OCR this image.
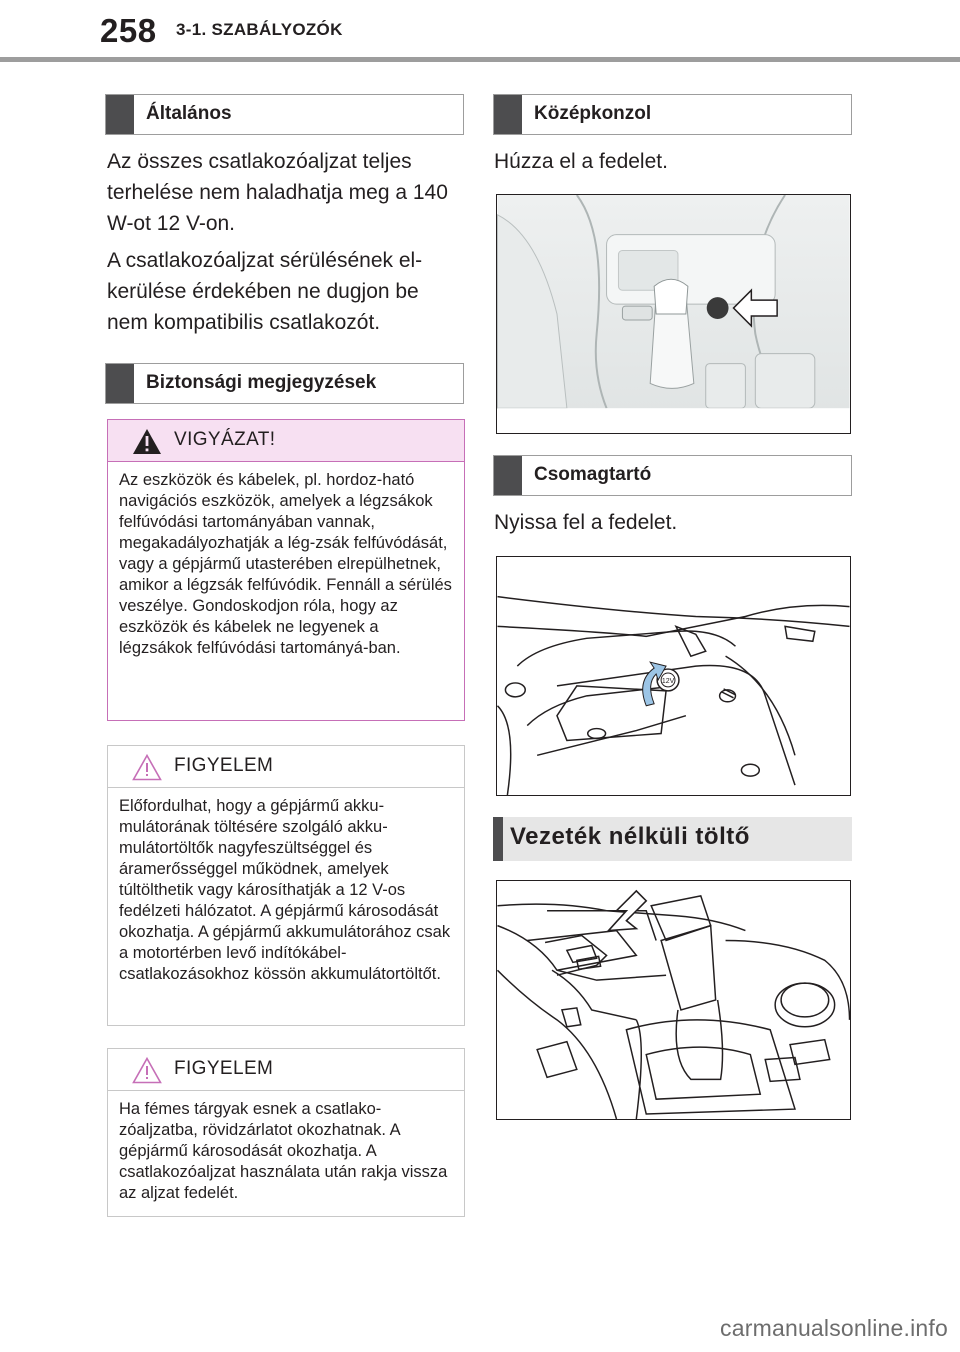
258 3-1. SZABÁLYOZÓK
Általános

Az összes csatlakozóaljzat teljes terhelése nem haladhatja meg a 140 W-ot 12 V-on.

A csatlakozóaljzat sérülésének el-kerülése érdekében ne dugjon be nem kompatibilis csatlakozót.

Biztonsági megjegyzések
VIGYÁZAT!
Az eszközök és kábelek, pl. hordoz-ható navigációs eszközök, amelyek a légzsákok felfúvódási tartományában vannak, megakadályozhatják a lég-zsák felfúvódását, vagy a gépjármű utasterében elrepülhetnek, amikor a légzsák felfúvódik. Fennáll a sérülés veszélye. Gondoskodjon róla, hogy az eszközök és kábelek ne legyenek a légzsákok felfúvódási tartományá-ban.
FIGYELEM
Előfordulhat, hogy a gépjármű akku-mulátorának töltésére szolgáló akku-mulátortöltők nagyfeszültséggel és áramerősséggel működnek, amelyek túltölthetik vagy károsíthatják a 12 V-os fedélzeti hálózatot. A gépjármű károsodását okozhatja. A gépjármű akkumulátorához csak a motortérben levő indítókábel-csatlakozásokhoz kössön akkumulátortöltőt.
FIGYELEM
Ha fémes tárgyak esnek a csatlako-zóaljzatba, rövidzárlatot okozhatnak. A gépjármű károsodását okozhatja. A csatlakozóaljzat használata után rakja vissza az aljzat fedelét.
Középkonzol
Húzza el a fedelet.
Csomagtartó
Nyissa fel a fedelet.
12V
Vezeték nélküli töltő
carmanualsonline.info
